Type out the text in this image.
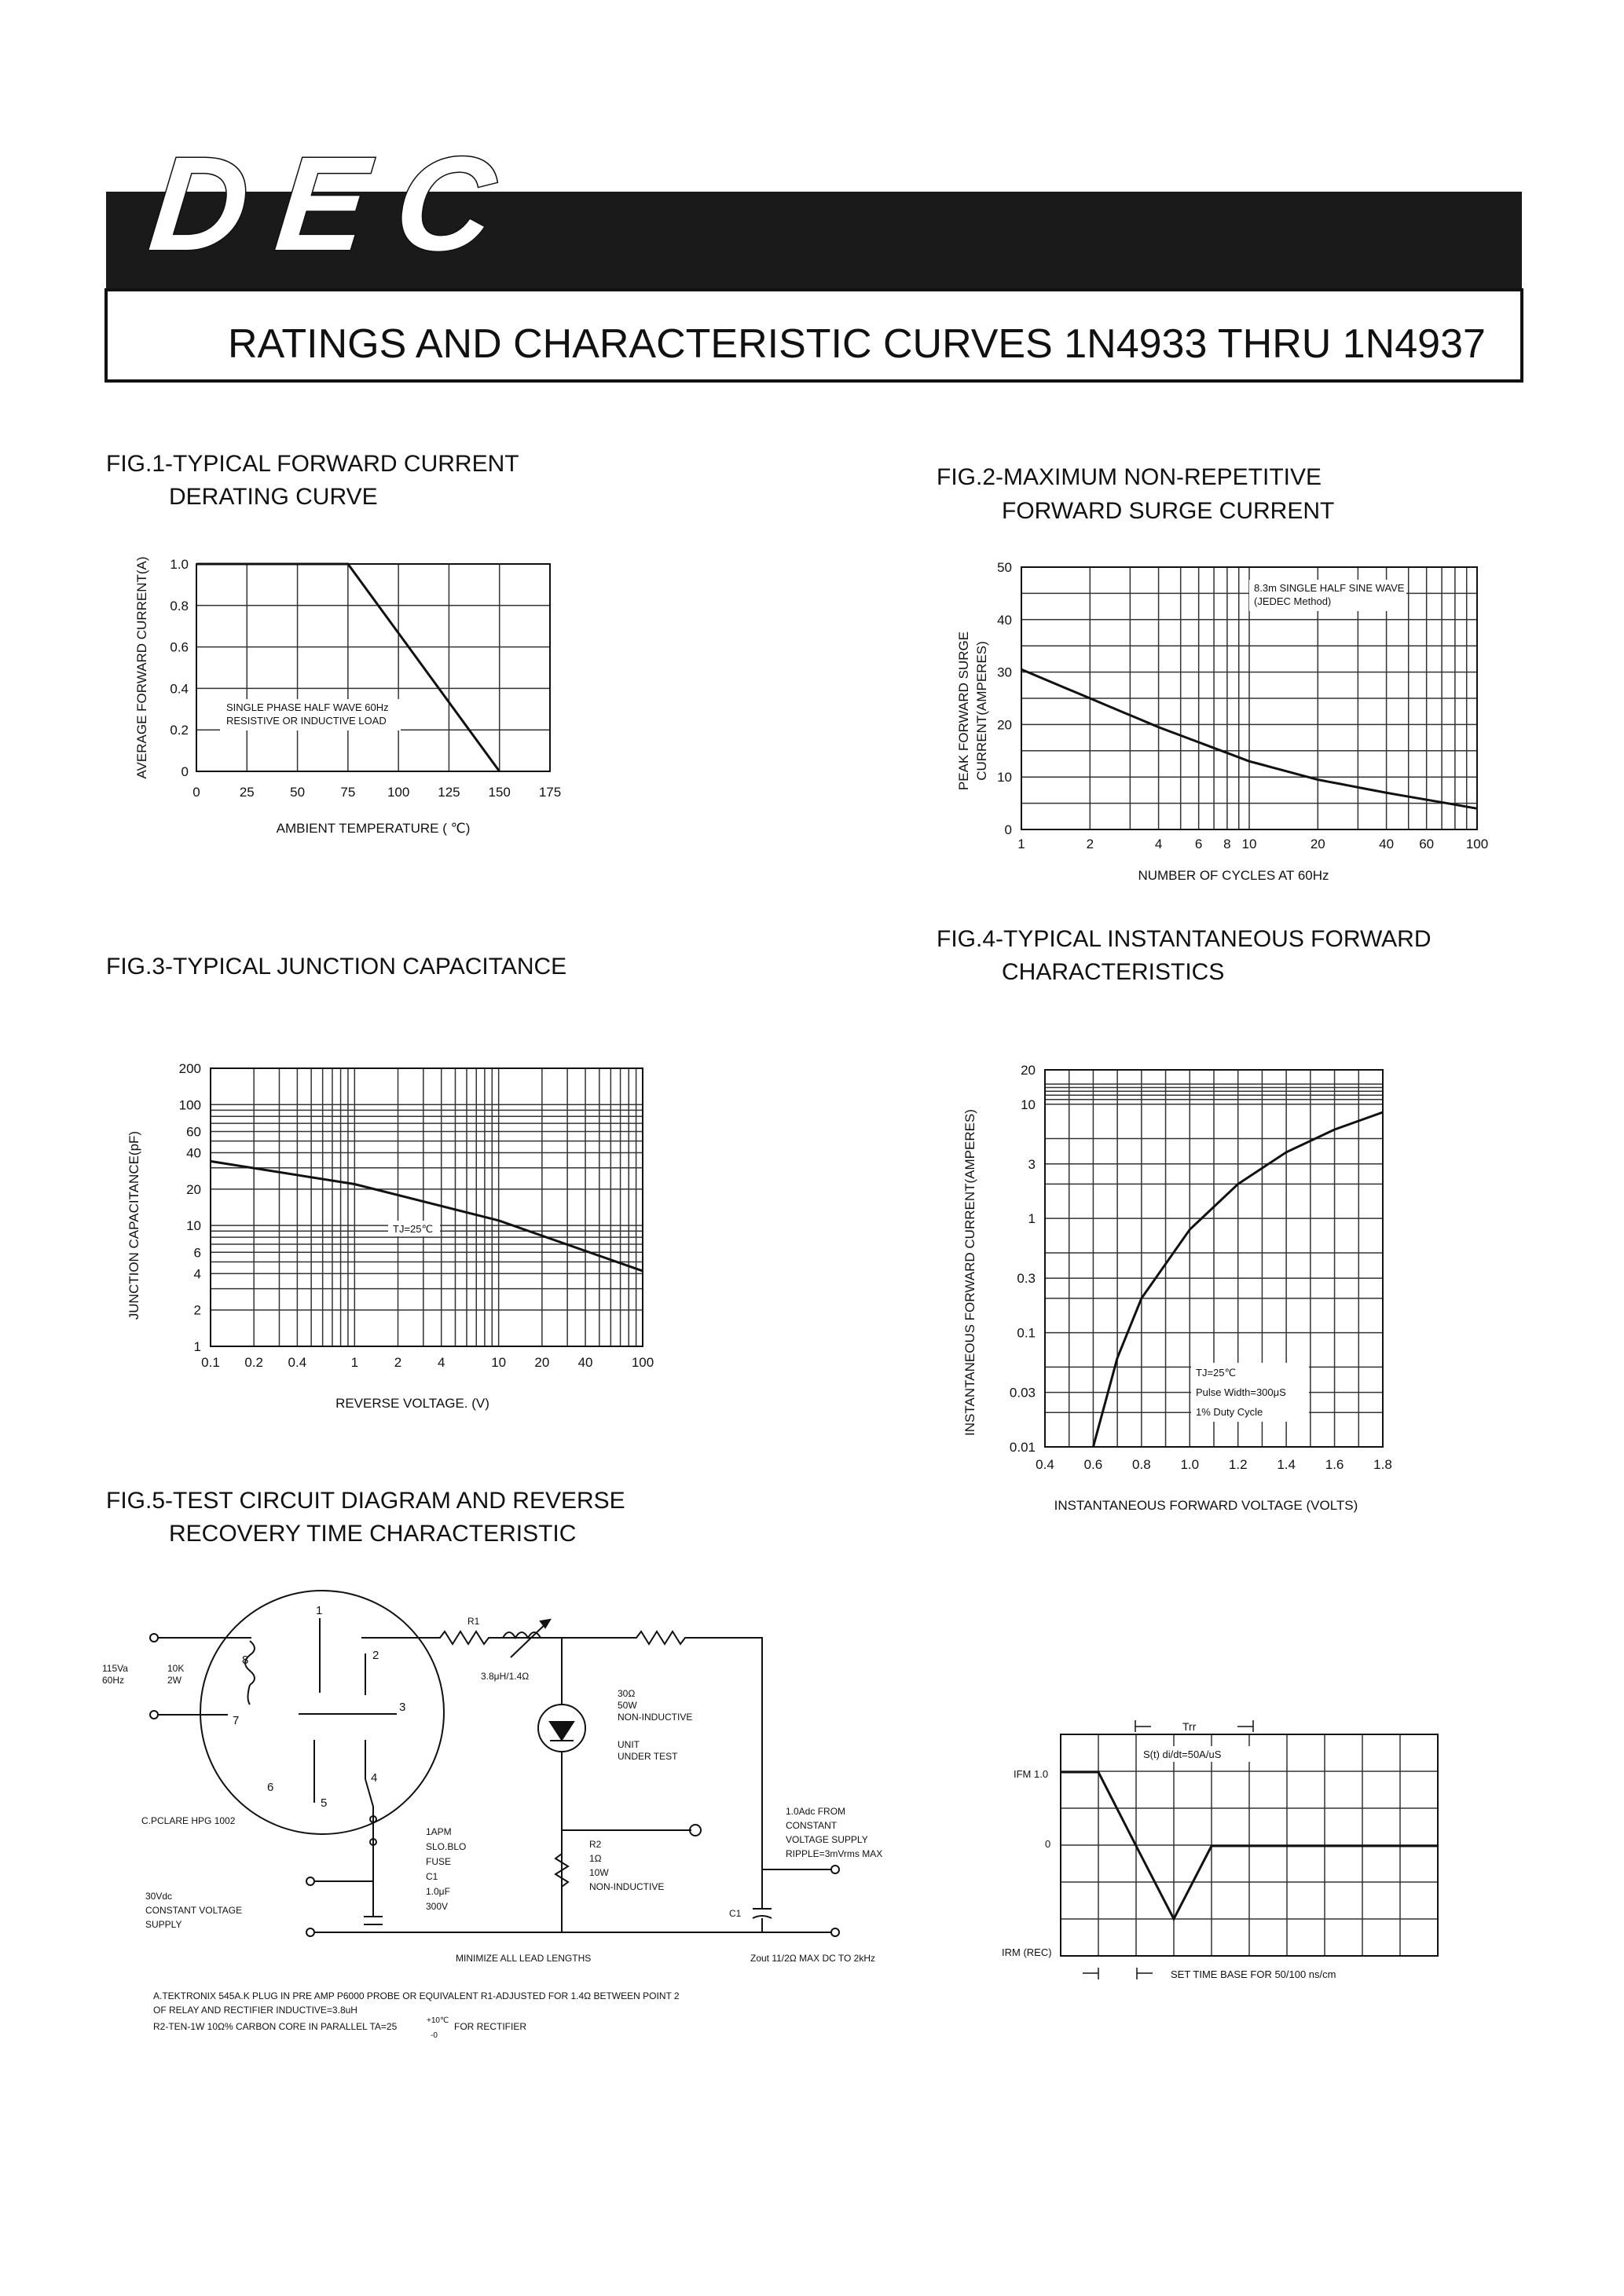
DEC
RATINGS AND CHARACTERISTIC CURVES 1N4933 THRU 1N4937
FIG.1-TYPICAL FORWARD CURRENT
DERATING CURVE
0	25	50	75 100 125 150 175
0
0.2
0.4
0.6
0.8
1.0
SINGLE PHASE HALF WAVE 60Hz
RESISTIVE OR INDUCTIVE LOAD
AMBIENT TEMPERATURE ( ℃)
AVERAGE FORWARD CURRENT(A)
FIG.2-MAXIMUM NON-REPETITIVE
FORWARD SURGE CURRENT
1	2	4 6 8 10	20	40 60 100
0
10
20
30
40
50
8.3m SINGLE HALF SINE WAVE
(JEDEC Method)
NUMBER OF CYCLES AT 60Hz
PEAK FORWARD SURGE CURRENT(AMPERES)
FIG.3-TYPICAL JUNCTION CAPACITANCE
0.1 0.2 0.4	1	2	4	10 20 40	100
1
2
4
6
10
20
40
60
100
200
TJ=25℃
REVERSE VOLTAGE. (V)
JUNCTION CAPACITANCE(pF)
FIG.4-TYPICAL INSTANTANEOUS FORWARD
CHARACTERISTICS
0.4 0.6 0.8 1.0 1.2 1.4 1.6 1.8
0.01
0.03
0.1
0.3
1
3
10
20
TJ=25℃
Pulse Width=300μS
1% Duty Cycle
INSTANTANEOUS FORWARD VOLTAGE (VOLTS)
INSTANTANEOUS FORWARD CURRENT(AMPERES)
FIG.5-TEST CIRCUIT DIAGRAM AND REVERSE
RECOVERY TIME CHARACTERISTIC
1
2
3
4
5
6
7
8
115Va
60Hz
10K
2W
R1
3.8μH/1.4Ω
30Ω
50W
NON-INDUCTIVE
UNIT
UNDER TEST
C.PCLARE HPG 1002
1APM
SLO.BLO
FUSE
C1
1.0μF
300V
R2
1Ω
10W
NON-INDUCTIVE
1.0Adc FROM
CONSTANT
VOLTAGE SUPPLY
RIPPLE=3mVrms MAX
C1
30Vdc
CONSTANT VOLTAGE
SUPPLY
MINIMIZE ALL LEAD LENGTHS	Zout 11/2Ω MAX DC TO 2kHz
A.TEKTRONIX 545A.K PLUG IN PRE AMP P6000 PROBE OR EQUIVALENT R1-ADJUSTED FOR 1.4Ω BETWEEN POINT 2
OF RELAY AND RECTIFIER INDUCTIVE=3.8uH
R2-TEN-1W 10Ω% CARBON CORE IN PARALLEL TA=25
+10℃
-0
FOR RECTIFIER
Trr
S(t) di/dt=50A/uS
IFM 1.0
0
IRM (REC)
SET TIME BASE FOR 50/100 ns/cm
